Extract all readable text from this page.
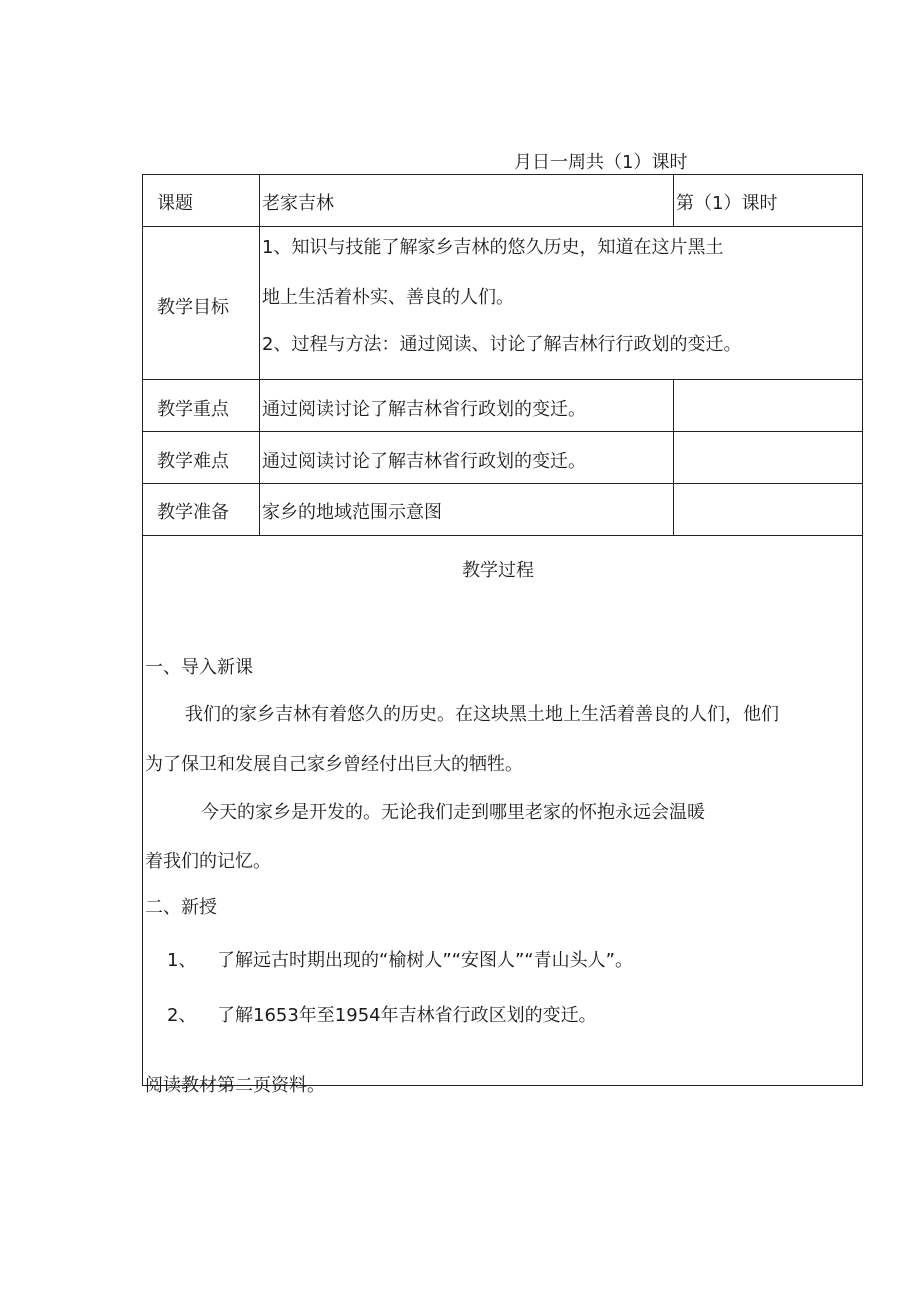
月日一周共（1）课时
课题	老家吉林	第（1）课时
教学目标
1、知识与技能了解家乡吉林的悠久历史，知道在这片黑土
地上生活着朴实、善良的人们。
2、过程与方法：通过阅读、讨论了解吉林行行政划的变迁。
教学重点 通过阅读讨论了解吉林省行政划的变迁。
教学难点 通过阅读讨论了解吉林省行政划的变迁。
教学准备 家乡的地域范围示意图
教学过程
一、导入新课
我们的家乡吉林有着悠久的历史。在这块黑土地上生活着善良的人们，他们
为了保卫和发展自己家乡曾经付出巨大的牺牲。
今天的家乡是开发的。无论我们走到哪里老家的怀抱永远会温暖
着我们的记忆。
二、新授
1、 了解远古时期出现的“榆树人”“安图人”“青山头人”。
2、 了解1653年至1954年吉林省行政区划的变迁。
阅读教材第二页资料。
